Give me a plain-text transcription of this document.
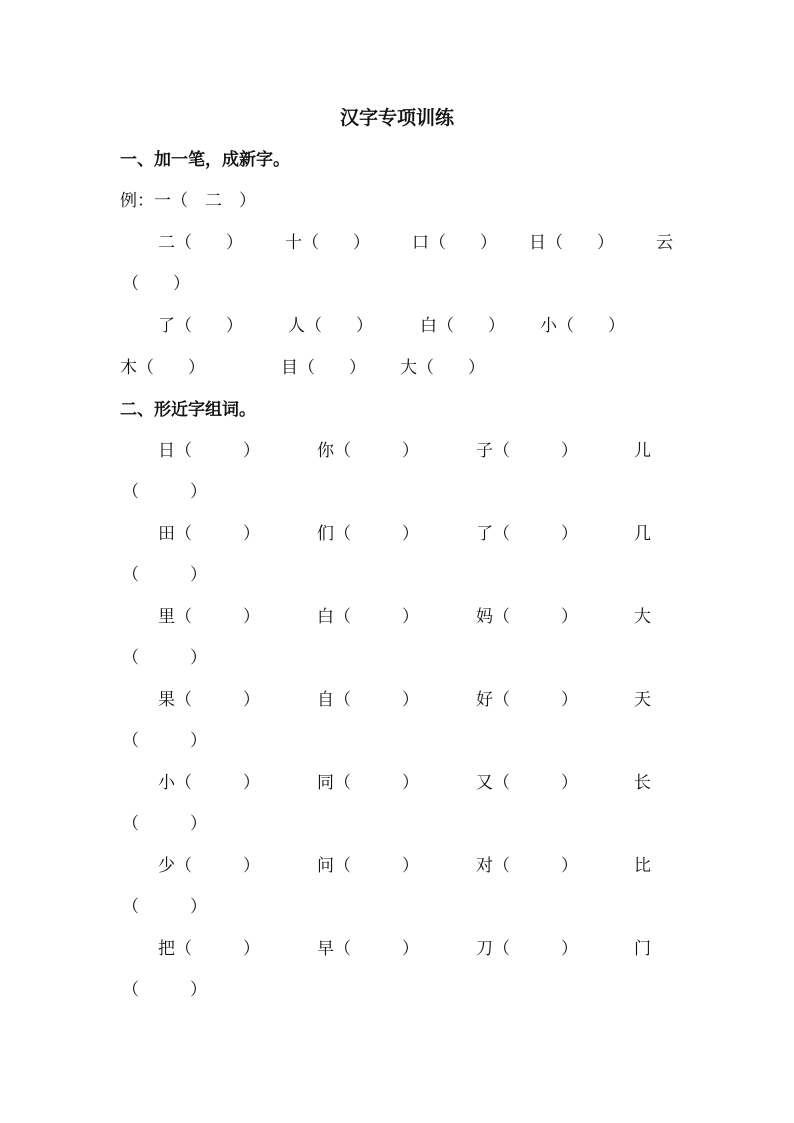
汉字专项训练
一、加一笔，成新字。
例：一（　二　）
二（　　） 十（　　） 口（　　） 日（　　） 云
（　　）
了（　　）	人（　　）	白（　　） 小（　　）
木（　　）	目（　　） 大（　　）
二、形近字组词。
日（　　　）	你（　　　）	子（　　　）	儿
（　　　）
田（　　　）	们（　　　）	了（　　　）	几
（　　　）
里（　　　）	白（　　　）	妈（　　　）	大
（　　　）
果（　　　）	自（　　　）	好（　　　）	天
（　　　）
小（　　　）	同（　　　）	又（　　　）	长
（　　　）
少（　　　）	问（　　　）	对（　　　）	比
（　　　）
把（　　　）	早（　　　）	刀（　　　）	门
（　　　）
